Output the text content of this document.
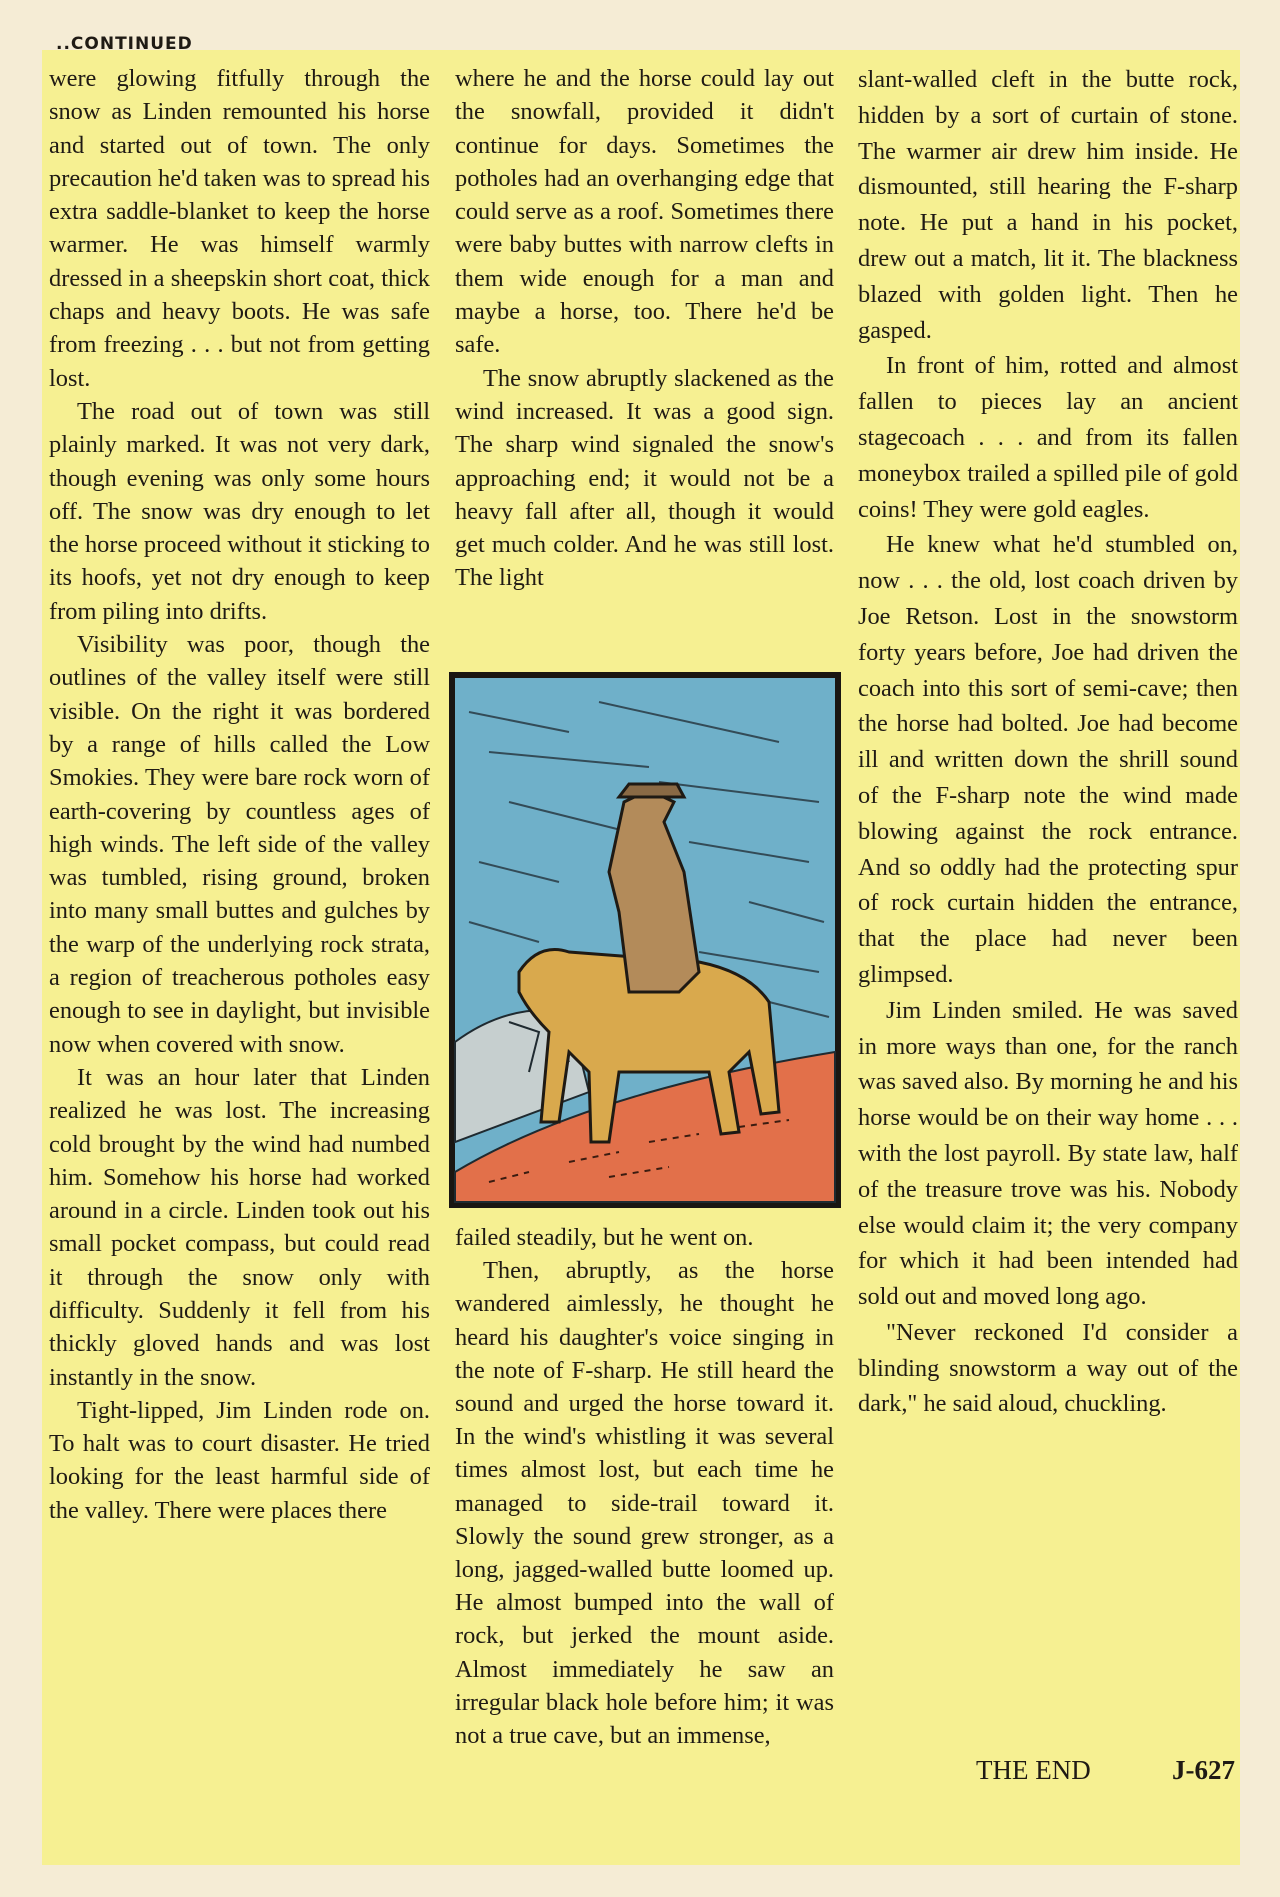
..CONTINUED

were glowing fitfully through the snow as Linden remounted his horse and started out of town. The only precaution he'd taken was to spread his extra saddle-blanket to keep the horse warmer. He was himself warmly dressed in a sheepskin short coat, thick chaps and heavy boots. He was safe from freezing . . . but not from getting lost.

The road out of town was still plainly marked. It was not very dark, though evening was only some hours off. The snow was dry enough to let the horse proceed without it sticking to its hoofs, yet not dry enough to keep from piling into drifts.

Visibility was poor, though the outlines of the valley itself were still visible. On the right it was bordered by a range of hills called the Low Smokies. They were bare rock worn of earth-covering by countless ages of high winds. The left side of the valley was tumbled, rising ground, broken into many small buttes and gulches by the warp of the underlying rock strata, a region of treacherous potholes easy enough to see in daylight, but invisible now when covered with snow.

It was an hour later that Linden realized he was lost. The increasing cold brought by the wind had numbed him. Somehow his horse had worked around in a circle. Linden took out his small pocket compass, but could read it through the snow only with difficulty. Suddenly it fell from his thickly gloved hands and was lost instantly in the snow.

Tight-lipped, Jim Linden rode on. To halt was to court disaster. He tried looking for the least harmful side of the valley. There were places there

where he and the horse could lay out the snowfall, provided it didn't continue for days. Sometimes the potholes had an overhanging edge that could serve as a roof. Sometimes there were baby buttes with narrow clefts in them wide enough for a man and maybe a horse, too. There he'd be safe.

The snow abruptly slackened as the wind increased. It was a good sign. The sharp wind signaled the snow's approaching end; it would not be a heavy fall after all, though it would get much colder. And he was still lost. The light

failed steadily, but he went on.

Then, abruptly, as the horse wandered aimlessly, he thought he heard his daughter's voice singing in the note of F-sharp. He still heard the sound and urged the horse toward it. In the wind's whistling it was several times almost lost, but each time he managed to side-trail toward it. Slowly the sound grew stronger, as a long, jagged-walled butte loomed up. He almost bumped into the wall of rock, but jerked the mount aside. Almost immediately he saw an irregular black hole before him; it was not a true cave, but an immense,

slant-walled cleft in the butte rock, hidden by a sort of curtain of stone. The warmer air drew him inside. He dismounted, still hearing the F-sharp note. He put a hand in his pocket, drew out a match, lit it. The blackness blazed with golden light. Then he gasped.

In front of him, rotted and almost fallen to pieces lay an ancient stagecoach . . . and from its fallen moneybox trailed a spilled pile of gold coins! They were gold eagles.

He knew what he'd stumbled on, now . . . the old, lost coach driven by Joe Retson. Lost in the snowstorm forty years before, Joe had driven the coach into this sort of semi-cave; then the horse had bolted. Joe had become ill and written down the shrill sound of the F-sharp note the wind made blowing against the rock entrance. And so oddly had the protecting spur of rock curtain hidden the entrance, that the place had never been glimpsed.

Jim Linden smiled. He was saved in more ways than one, for the ranch was saved also. By morning he and his horse would be on their way home . . . with the lost payroll. By state law, half of the treasure trove was his. Nobody else would claim it; the very company for which it had been intended had sold out and moved long ago.

"Never reckoned I'd consider a blinding snowstorm a way out of the dark," he said aloud, chuckling.

THE END	J-627
